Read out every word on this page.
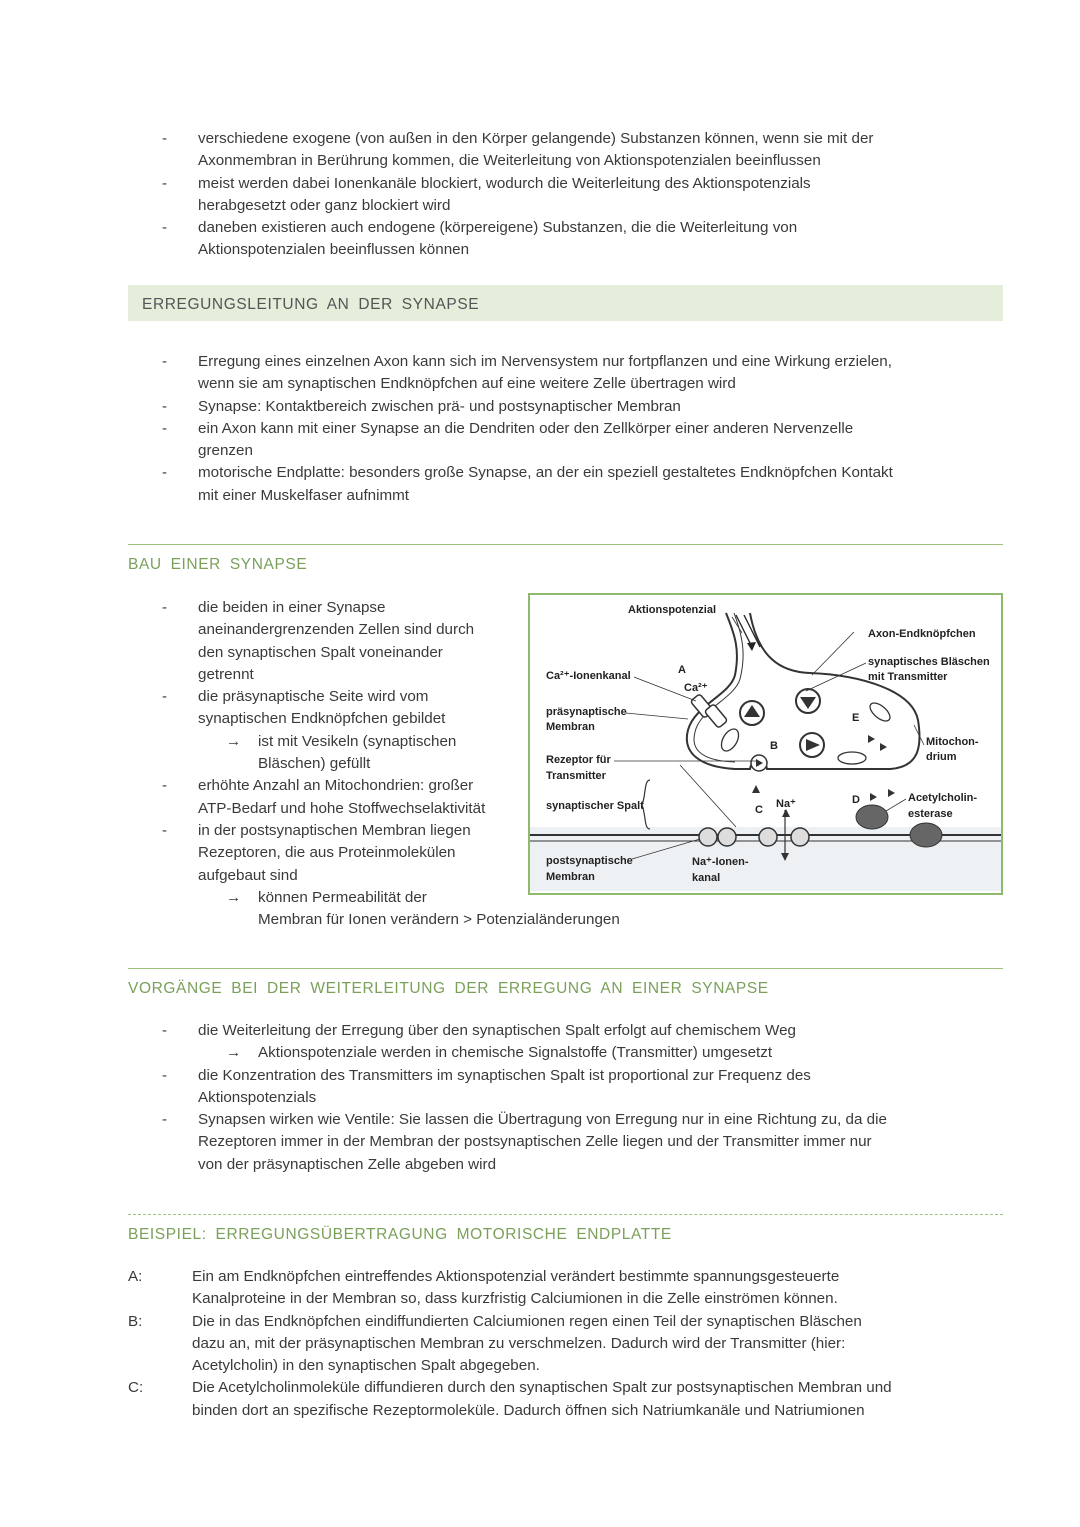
- verschiedene exogene (von außen in den Körper gelangende) Substanzen können, wenn sie mit der
Axonmembran in Berührung kommen, die Weiterleitung von Aktionspotenzialen beeinflussen
- meist werden dabei Ionenkanäle blockiert, wodurch die Weiterleitung des Aktionspotenzials
herabgesetzt oder ganz blockiert wird
- daneben existieren auch endogene (körpereigene) Substanzen, die die Weiterleitung von
Aktionspotenzialen beeinflussen können
ERREGUNGSLEITUNG AN DER SYNAPSE
- Erregung eines einzelnen Axon kann sich im Nervensystem nur fortpflanzen und eine Wirkung erzielen,
wenn sie am synaptischen Endknöpfchen auf eine weitere Zelle übertragen wird
- Synapse: Kontaktbereich zwischen prä- und postsynaptischer Membran
- ein Axon kann mit einer Synapse an die Dendriten oder den Zellkörper einer anderen Nervenzelle
grenzen
- motorische Endplatte: besonders große Synapse, an der ein speziell gestaltetes Endknöpfchen Kontakt
mit einer Muskelfaser aufnimmt
BAU EINER SYNAPSE
- die beiden in einer Synapse
aneinandergrenzenden Zellen sind durch
den synaptischen Spalt voneinander
getrennt
- die präsynaptische Seite wird vom
synaptischen Endknöpfchen gebildet
→ ist mit Vesikeln (synaptischen
Bläschen) gefüllt
- erhöhte Anzahl an Mitochondrien: großer
ATP-Bedarf und hohe Stoffwechselaktivität
- in der postsynaptischen Membran liegen
Rezeptoren, die aus Proteinmolekülen
aufgebaut sind
→ können Permeabilität der
Membran für Ionen verändern > Potenzialänderungen
Aktionspotenzial
Axon-Endknöpfchen
synaptisches Bläschen
mit Transmitter
Ca²⁺-Ionenkanal
Ca²⁺
präsynaptische
Membran
Rezeptor für
Transmitter
synaptischer Spalt
postsynaptische
Membran
Na⁺-Ionen-
kanal
Na⁺
Mitochon-
drium
Acetylcholin-
esterase
A
B
C
D
E
VORGÄNGE BEI DER WEITERLEITUNG DER ERREGUNG AN EINER SYNAPSE
- die Weiterleitung der Erregung über den synaptischen Spalt erfolgt auf chemischem Weg
→ Aktionspotenziale werden in chemische Signalstoffe (Transmitter) umgesetzt
- die Konzentration des Transmitters im synaptischen Spalt ist proportional zur Frequenz des
Aktionspotenzials
- Synapsen wirken wie Ventile: Sie lassen die Übertragung von Erregung nur in eine Richtung zu, da die
Rezeptoren immer in der Membran der postsynaptischen Zelle liegen und der Transmitter immer nur
von der präsynaptischen Zelle abgeben wird
BEISPIEL: ERREGUNGSÜBERTRAGUNG MOTORISCHE ENDPLATTE
A:	Ein am Endknöpfchen eintreffendes Aktionspotenzial verändert bestimmte spannungsgesteuerte
Kanalproteine in der Membran so, dass kurzfristig Calciumionen in die Zelle einströmen können.
B:	Die in das Endknöpfchen eindiffundierten Calciumionen regen einen Teil der synaptischen Bläschen
dazu an, mit der präsynaptischen Membran zu verschmelzen. Dadurch wird der Transmitter (hier:
Acetylcholin) in den synaptischen Spalt abgegeben.
C:	Die Acetylcholinmoleküle diffundieren durch den synaptischen Spalt zur postsynaptischen Membran und
binden dort an spezifische Rezeptormoleküle. Dadurch öffnen sich Natriumkanäle und Natriumionen
